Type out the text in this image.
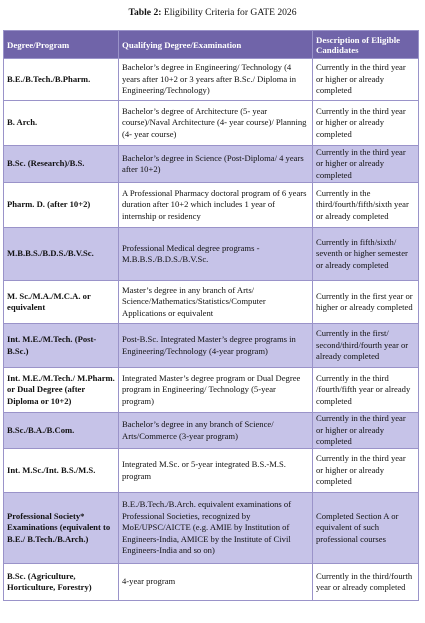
Table 2: Eligibility Criteria for GATE 2026
Degree/Program	Qualifying Degree/Examination	Description of Eligible Candidates
B.E./B.Tech./B.Pharm.	Bachelor’s degree in Engineering/ Technology (4 years after 10+2 or 3 years after B.Sc./ Diploma in Engineering/Technology)	Currently in the third year or higher or already completed
B. Arch.	Bachelor’s degree of Architecture (5- year course)/Naval Architecture (4- year course)/ Planning (4- year course)	Currently in the third year or higher or already completed
B.Sc. (Research)/B.S.	Bachelor’s degree in Science (Post-Diploma/ 4 years after 10+2)	Currently in the third year or higher or already completed
Pharm. D. (after 10+2)	A Professional Pharmacy doctoral program of 6 years duration after 10+2 which includes 1 year of internship or residency	Currently in the third/fourth/fifth/sixth year or already completed
M.B.B.S./B.D.S./B.V.Sc.	Professional Medical degree programs - M.B.B.S./B.D.S./B.V.Sc.	Currently in fifth/sixth/ seventh or higher semester or already completed
M. Sc./M.A./M.C.A. or equivalent	Master’s degree in any branch of Arts/ Science/Mathematics/Statistics/Computer Applications or equivalent	Currently in the first year or higher or already completed
Int. M.E./M.Tech. (Post-B.Sc.)	Post-B.Sc. Integrated Master’s degree programs in Engineering/Technology (4-year program)	Currently in the first/ second/third/fourth year or already completed
Int. M.E./M.Tech./ M.Pharm. or Dual Degree (after Diploma or 10+2)	Integrated Master’s degree program or Dual Degree program in Engineering/ Technology (5-year program)	Currently in the third /fourth/fifth year or already completed
B.Sc./B.A./B.Com.	Bachelor’s degree in any branch of Science/ Arts/Commerce (3-year program)	Currently in the third year or higher or already completed
Int. M.Sc./Int. B.S./M.S.	Integrated M.Sc. or 5-year integrated B.S.-M.S. program	Currently in the third year or higher or already completed
Professional Society* Examinations (equivalent to B.E./ B.Tech./B.Arch.)	B.E./B.Tech./B.Arch. equivalent examinations of Professional Societies, recognized by MoE/UPSC/AICTE (e.g. AMIE by Institution of Engineers-India, AMICE by the Institute of Civil Engineers-India and so on)	Completed Section A or equivalent of such professional courses
B.Sc. (Agriculture, Horticulture, Forestry)	4-year program	Currently in the third/fourth year or already completed
